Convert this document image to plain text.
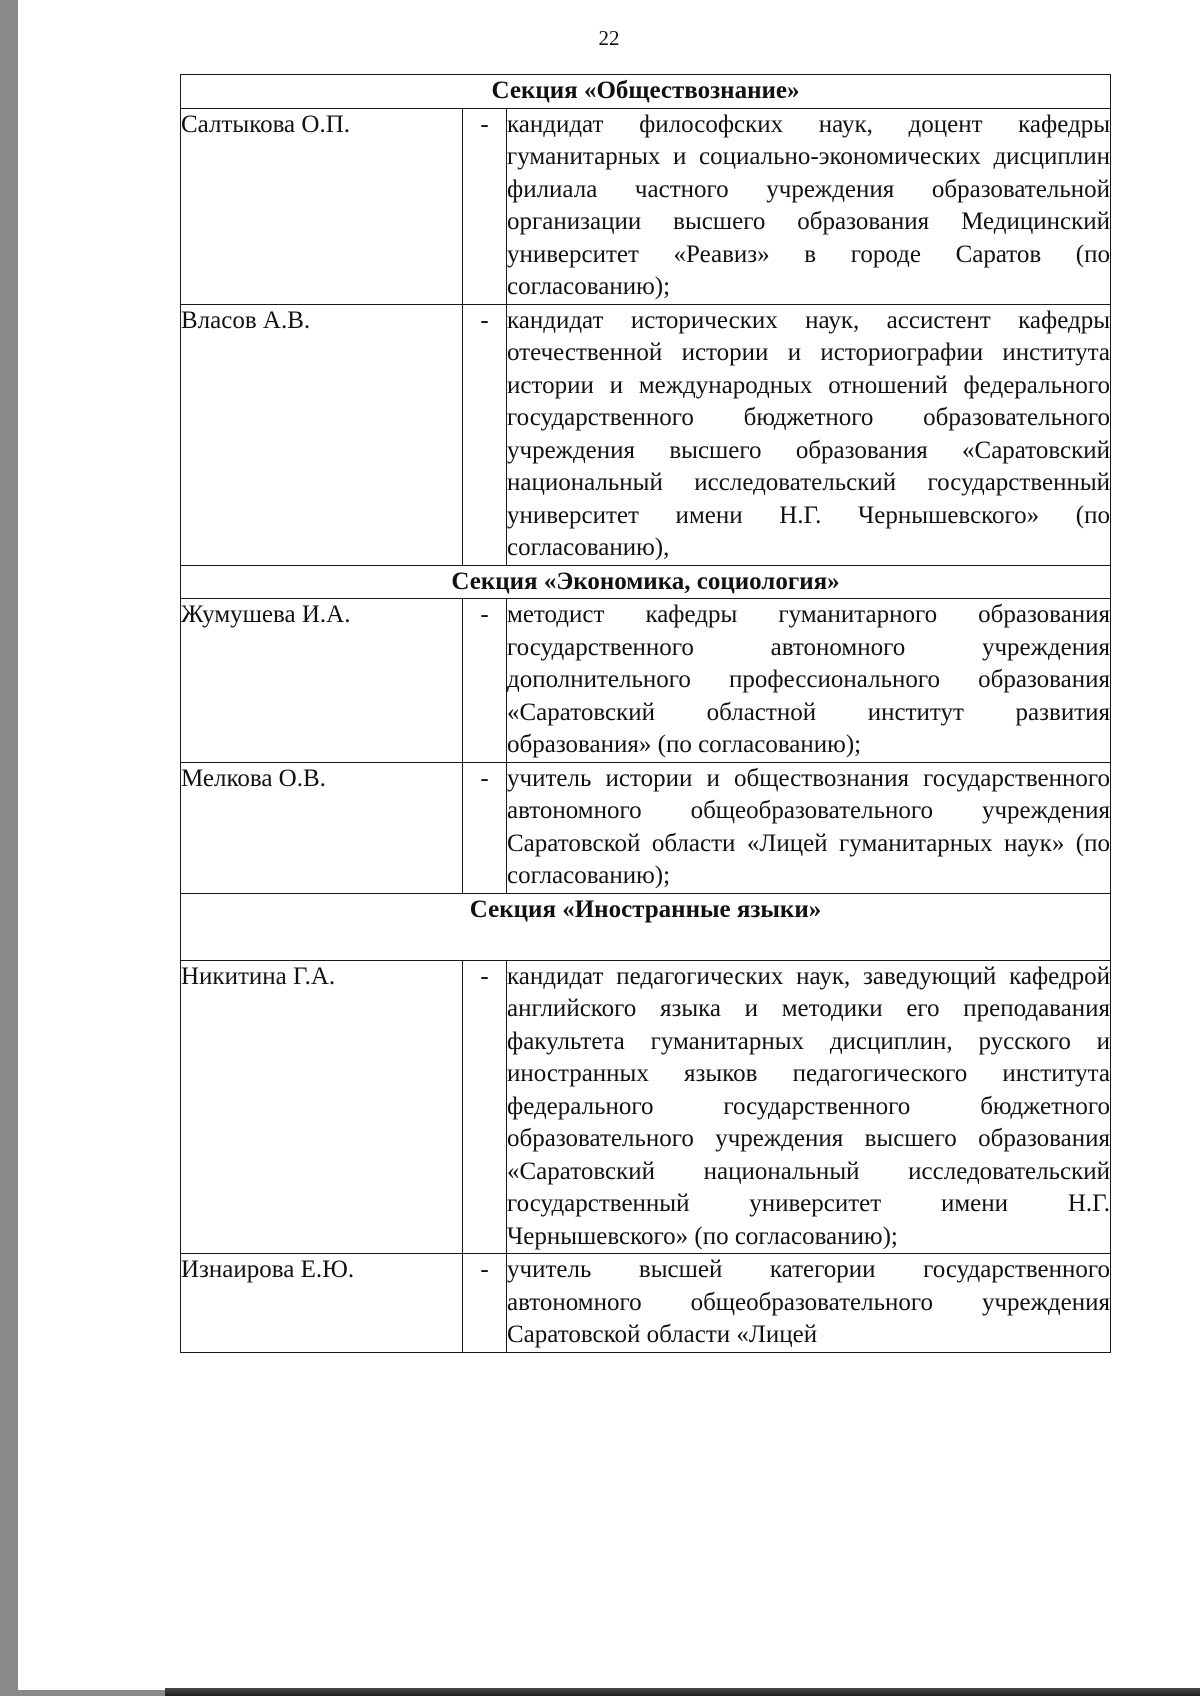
22
Секция «Обществознание»		
Салтыкова О.П.	-	кандидат философских наук, доцент кафедры гуманитарных и социально-экономических дисциплин филиала частного учреждения образовательной организации высшего образования Медицинский университет «Реавиз» в городе Саратов (по согласованию);
Власов А.В.	-	кандидат исторических наук, ассистент кафедры отечественной истории и историографии института истории и международных отношений федерального государственного бюджетного образовательного учреждения высшего образования «Саратовский национальный исследовательский государственный университет имени Н.Г. Чернышевского» (по согласованию),
Секция «Экономика, социология»		
Жумушева И.А.	-	методист кафедры гуманитарного образования государственного автономного учреждения дополнительного профессионального образования «Саратовский областной институт развития образования» (по согласованию);
Мелкова О.В.	-	учитель истории и обществознания государственного автономного общеобразовательного учреждения Саратовской области «Лицей гуманитарных наук» (по согласованию);
Секция «Иностранные языки»		
Никитина Г.А.	-	кандидат педагогических наук, заведующий кафедрой английского языка и методики его преподавания факультета гуманитарных дисциплин, русского и иностранных языков педагогического института федерального государственного бюджетного образовательного учреждения высшего образования «Саратовский национальный исследовательский государственный университет имени Н.Г. Чернышевского» (по согласованию);
Изнаирова Е.Ю.	-	учитель высшей категории государственного автономного общеобразовательного учреждения Саратовской области «Лицей
